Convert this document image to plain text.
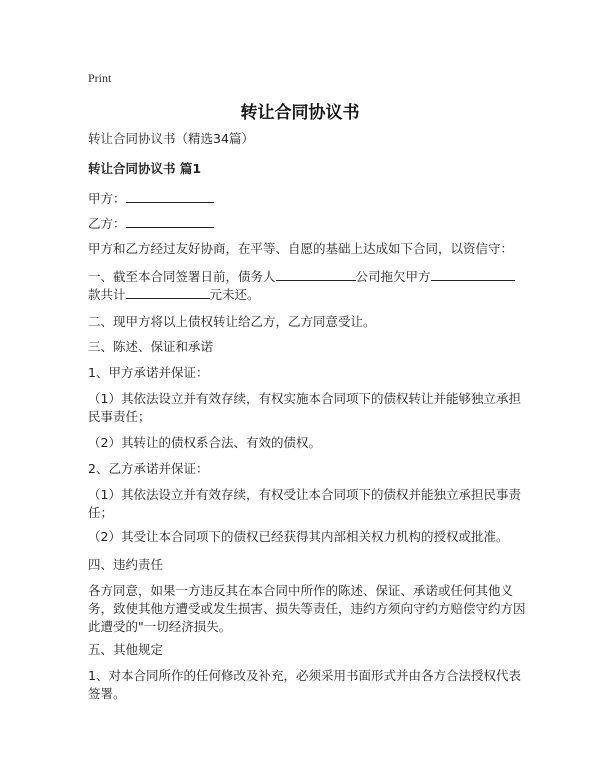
Print
转让合同协议书
转让合同协议书（精选34篇）
转让合同协议书 篇1
甲方：
乙方：
甲方和乙方经过友好协商，在平等、自愿的基础上达成如下合同，以资信守：
一、截至本合同签署日前，债务人	公司拖欠甲方
款共计	元未还。
二、现甲方将以上债权转让给乙方，乙方同意受让。
三、陈述、保证和承诺
1、甲方承诺并保证：
（1）其依法设立并有效存续，有权实施本合同项下的债权转让并能够独立承担民事责任；
（2）其转让的债权系合法、有效的债权。
2、乙方承诺并保证：
（1）其依法设立并有效存续，有权受让本合同项下的债权并能独立承担民事责任；
（2）其受让本合同项下的债权已经获得其内部相关权力机构的授权或批准。
四、违约责任
各方同意，如果一方违反其在本合同中所作的陈述、保证、承诺或任何其他义务，致使其他方遭受或发生损害、损失等责任，违约方须向守约方赔偿守约方因此遭受的"一切经济损失。
五、其他规定
1、对本合同所作的任何修改及补充，必须采用书面形式并由各方合法授权代表签署。
